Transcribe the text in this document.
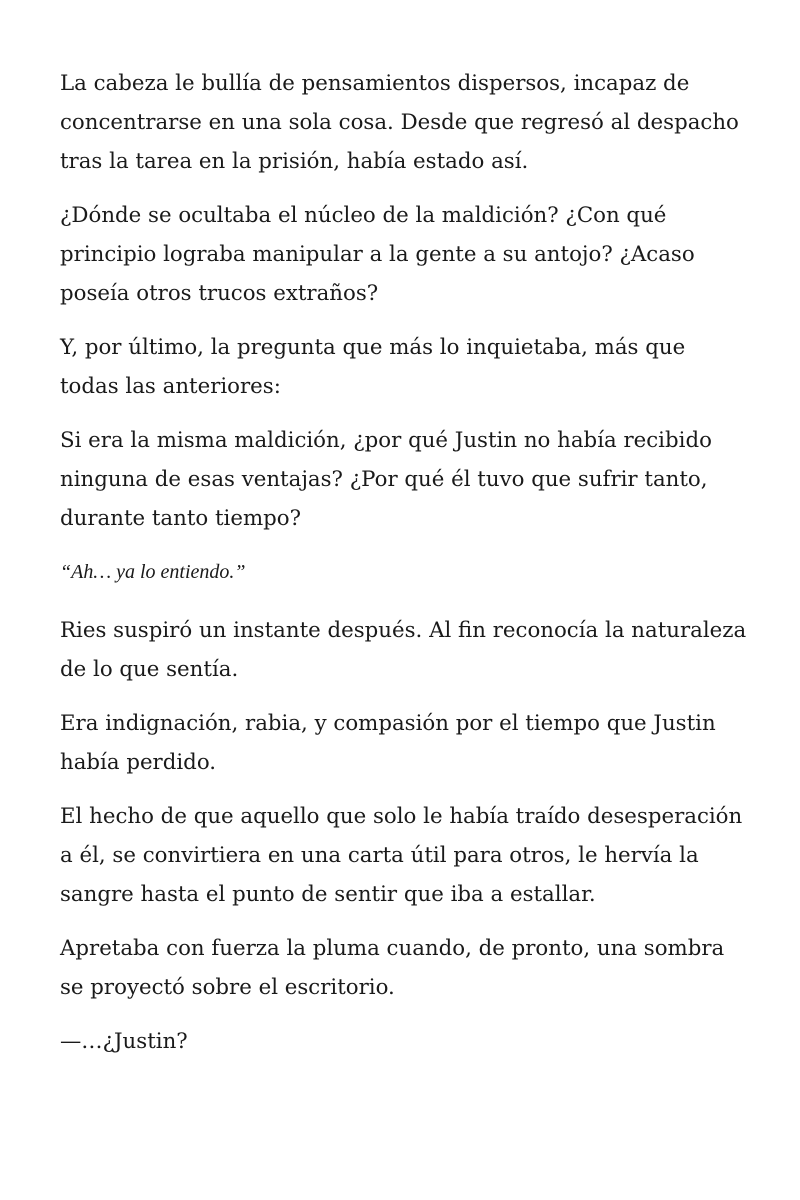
La cabeza le bullía de pensamientos dispersos, incapaz de concentrarse en una sola cosa. Desde que regresó al despacho tras la tarea en la prisión, había estado así.

¿Dónde se ocultaba el núcleo de la maldición? ¿Con qué principio lograba manipular a la gente a su antojo? ¿Acaso poseía otros trucos extraños?

Y, por último, la pregunta que más lo inquietaba, más que todas las anteriores:

Si era la misma maldición, ¿por qué Justin no había recibido ninguna de esas ventajas? ¿Por qué él tuvo que sufrir tanto, durante tanto tiempo?

“Ah… ya lo entiendo.”

Ries suspiró un instante después. Al fin reconocía la naturaleza de lo que sentía.

Era indignación, rabia, y compasión por el tiempo que Justin había perdido.

El hecho de que aquello que solo le había traído desesperación a él, se convirtiera en una carta útil para otros, le hervía la sangre hasta el punto de sentir que iba a estallar.

Apretaba con fuerza la pluma cuando, de pronto, una sombra se proyectó sobre el escritorio.

—…¿Justin?
